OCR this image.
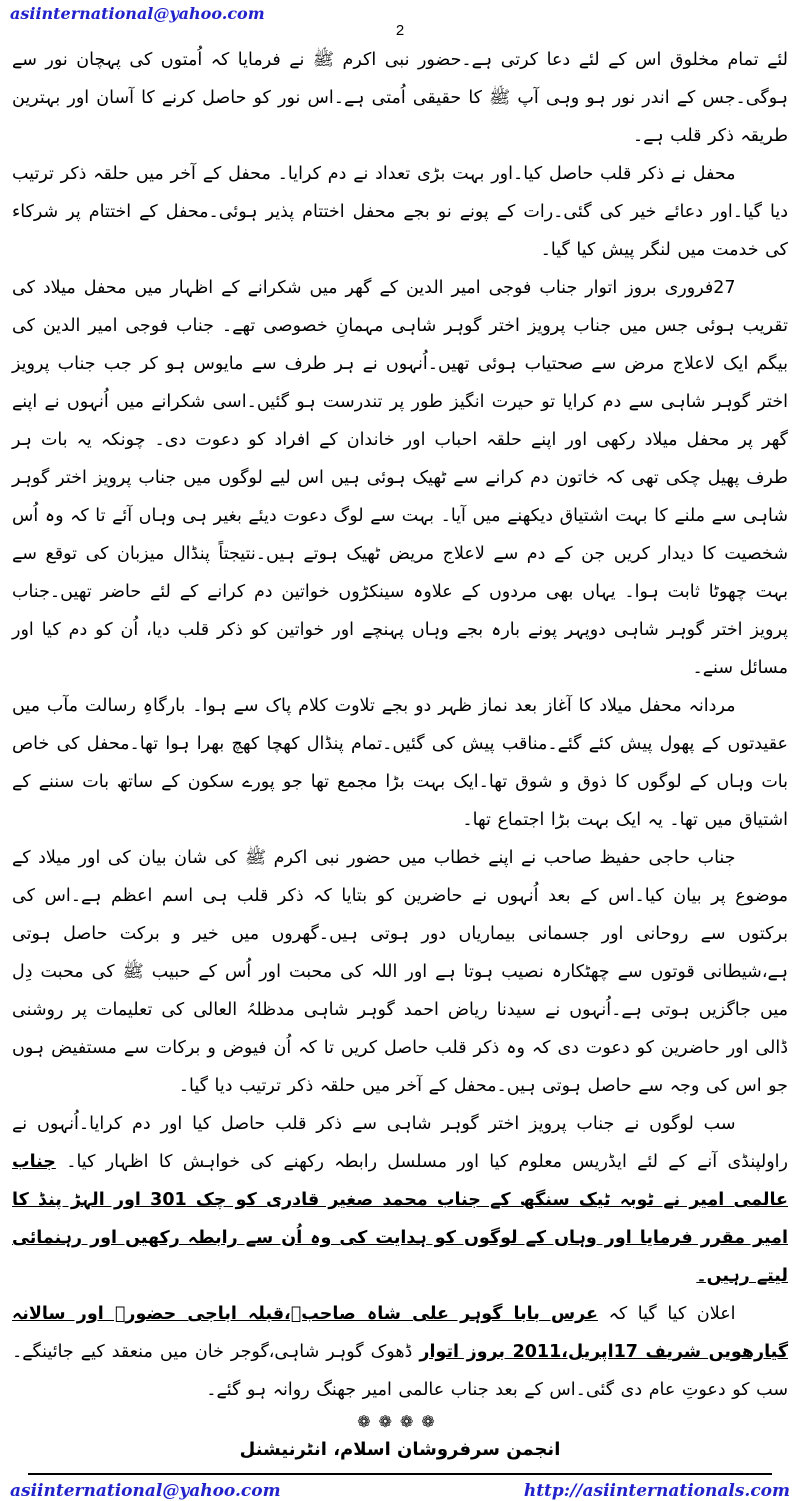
asiinternational@yahoo.com
2

لئے تمام مخلوق اس کے لئے دعا کرتی ہے۔حضور نبی اکرم ﷺ نے فرمایا کہ اُمتوں کی پہچان نور سے ہوگی۔جس کے اندر نور ہو وہی آپ ﷺ کا حقیقی اُمتی ہے۔اس نور کو حاصل کرنے کا آسان اور بہترین طریقہ ذکر قلب ہے۔

محفل نے ذکر قلب حاصل کیا۔اور بہت بڑی تعداد نے دم کرایا۔ محفل کے آخر میں حلقہ ذکر ترتیب دیا گیا۔اور دعائے خیر کی گئی۔رات کے پونے نو بجے محفل اختتام پذیر ہوئی۔محفل کے اختتام پر شرکاء کی خدمت میں لنگر پیش کیا گیا۔

27فروری بروز اتوار جناب فوجی امیر الدین کے گھر میں شکرانے کے اظہار میں محفل میلاد کی تقریب ہوئی جس میں جناب پرویز اختر گوہر شاہی مہمانِ خصوصی تھے۔ جناب فوجی امیر الدین کی بیگم ایک لاعلاج مرض سے صحتیاب ہوئی تھیں۔اُنہوں نے ہر طرف سے مایوس ہو کر جب جناب پرویز اختر گوہر شاہی سے دم کرایا تو حیرت انگیز طور پر تندرست ہو گئیں۔اسی شکرانے میں اُنہوں نے اپنے گھر پر محفل میلاد رکھی اور اپنے حلقہ احباب اور خاندان کے افراد کو دعوت دی۔ چونکہ یہ بات ہر طرف پھیل چکی تھی کہ خاتون دم کرانے سے ٹھیک ہوئی ہیں اس لیے لوگوں میں جناب پرویز اختر گوہر شاہی سے ملنے کا بہت اشتیاق دیکھنے میں آیا۔ بہت سے لوگ دعوت دیئے بغیر ہی وہاں آئے تا کہ وہ اُس شخصیت کا دیدار کریں جن کے دم سے لاعلاج مریض ٹھیک ہوتے ہیں۔نتیجتاً پنڈال میزبان کی توقع سے بہت چھوٹا ثابت ہوا۔ یہاں بھی مردوں کے علاوہ سینکڑوں خواتین دم کرانے کے لئے حاضر تھیں۔جناب پرویز اختر گوہر شاہی دوپہر پونے بارہ بجے وہاں پہنچے اور خواتین کو ذکر قلب دیا، اُن کو دم کیا اور مسائل سنے۔

مردانہ محفل میلاد کا آغاز بعد نماز ظہر دو بجے تلاوت کلام پاک سے ہوا۔ بارگاہِ رسالت مآب میں عقیدتوں کے پھول پیش کئے گئے۔مناقب پیش کی گئیں۔تمام پنڈال کھچا کھچ بھرا ہوا تھا۔محفل کی خاص بات وہاں کے لوگوں کا ذوق و شوق تھا۔ایک بہت بڑا مجمع تھا جو پورے سکون کے ساتھ بات سننے کے اشتیاق میں تھا۔ یہ ایک بہت بڑا اجتماع تھا۔

جناب حاجی حفیظ صاحب نے اپنے خطاب میں حضور نبی اکرم ﷺ کی شان بیان کی اور میلاد کے موضوع پر بیان کیا۔اس کے بعد اُنہوں نے حاضرین کو بتایا کہ ذکر قلب ہی اسم اعظم ہے۔اس کی برکتوں سے روحانی اور جسمانی بیماریاں دور ہوتی ہیں۔گھروں میں خیر و برکت حاصل ہوتی ہے،شیطانی قوتوں سے چھٹکارہ نصیب ہوتا ہے اور اللہ کی محبت اور اُس کے حبیب ﷺ کی محبت دِل میں جاگزیں ہوتی ہے۔اُنہوں نے سیدنا ریاض احمد گوہر شاہی مدظلہُ العالی کی تعلیمات پر روشنی ڈالی اور حاضرین کو دعوت دی کہ وہ ذکر قلب حاصل کریں تا کہ اُن فیوض و برکات سے مستفیض ہوں جو اس کی وجہ سے حاصل ہوتی ہیں۔محفل کے آخر میں حلقہ ذکر ترتیب دیا گیا۔

سب لوگوں نے جناب پرویز اختر گوہر شاہی سے ذکر قلب حاصل کیا اور دم کرایا۔اُنہوں نے راولپنڈی آنے کے لئے ایڈریس معلوم کیا اور مسلسل رابطہ رکھنے کی خواہش کا اظہار کیا۔ جناب عالمی امیر نے ٹوبہ ٹیک سنگھ کے جناب محمد صغیر قادری کو چک 301 اور الہڑ پنڈ کا امیر مقرر فرمایا اور وہاں کے لوگوں کو ہدایت کی وہ اُن سے رابطہ رکھیں اور رہنمائی لیتے رہیں۔

اعلان کیا گیا کہ عرس بابا گوہر علی شاہ صاحبؒ،قبلہ اباجی حضورؒ اور سالانہ گیارھویں شریف 17اپریل،2011 بروز اتوار ڈھوک گوہر شاہی،گوجر خان میں منعقد کیے جائینگے۔سب کو دعوتِ عام دی گئی۔اس کے بعد جناب عالمی امیر جھنگ روانہ ہو گئے۔

❁❁❁❁
انجمن سرفروشان اسلام، انٹرنیشنل
asiinternational@yahoo.com	http://asiinternationals.com
